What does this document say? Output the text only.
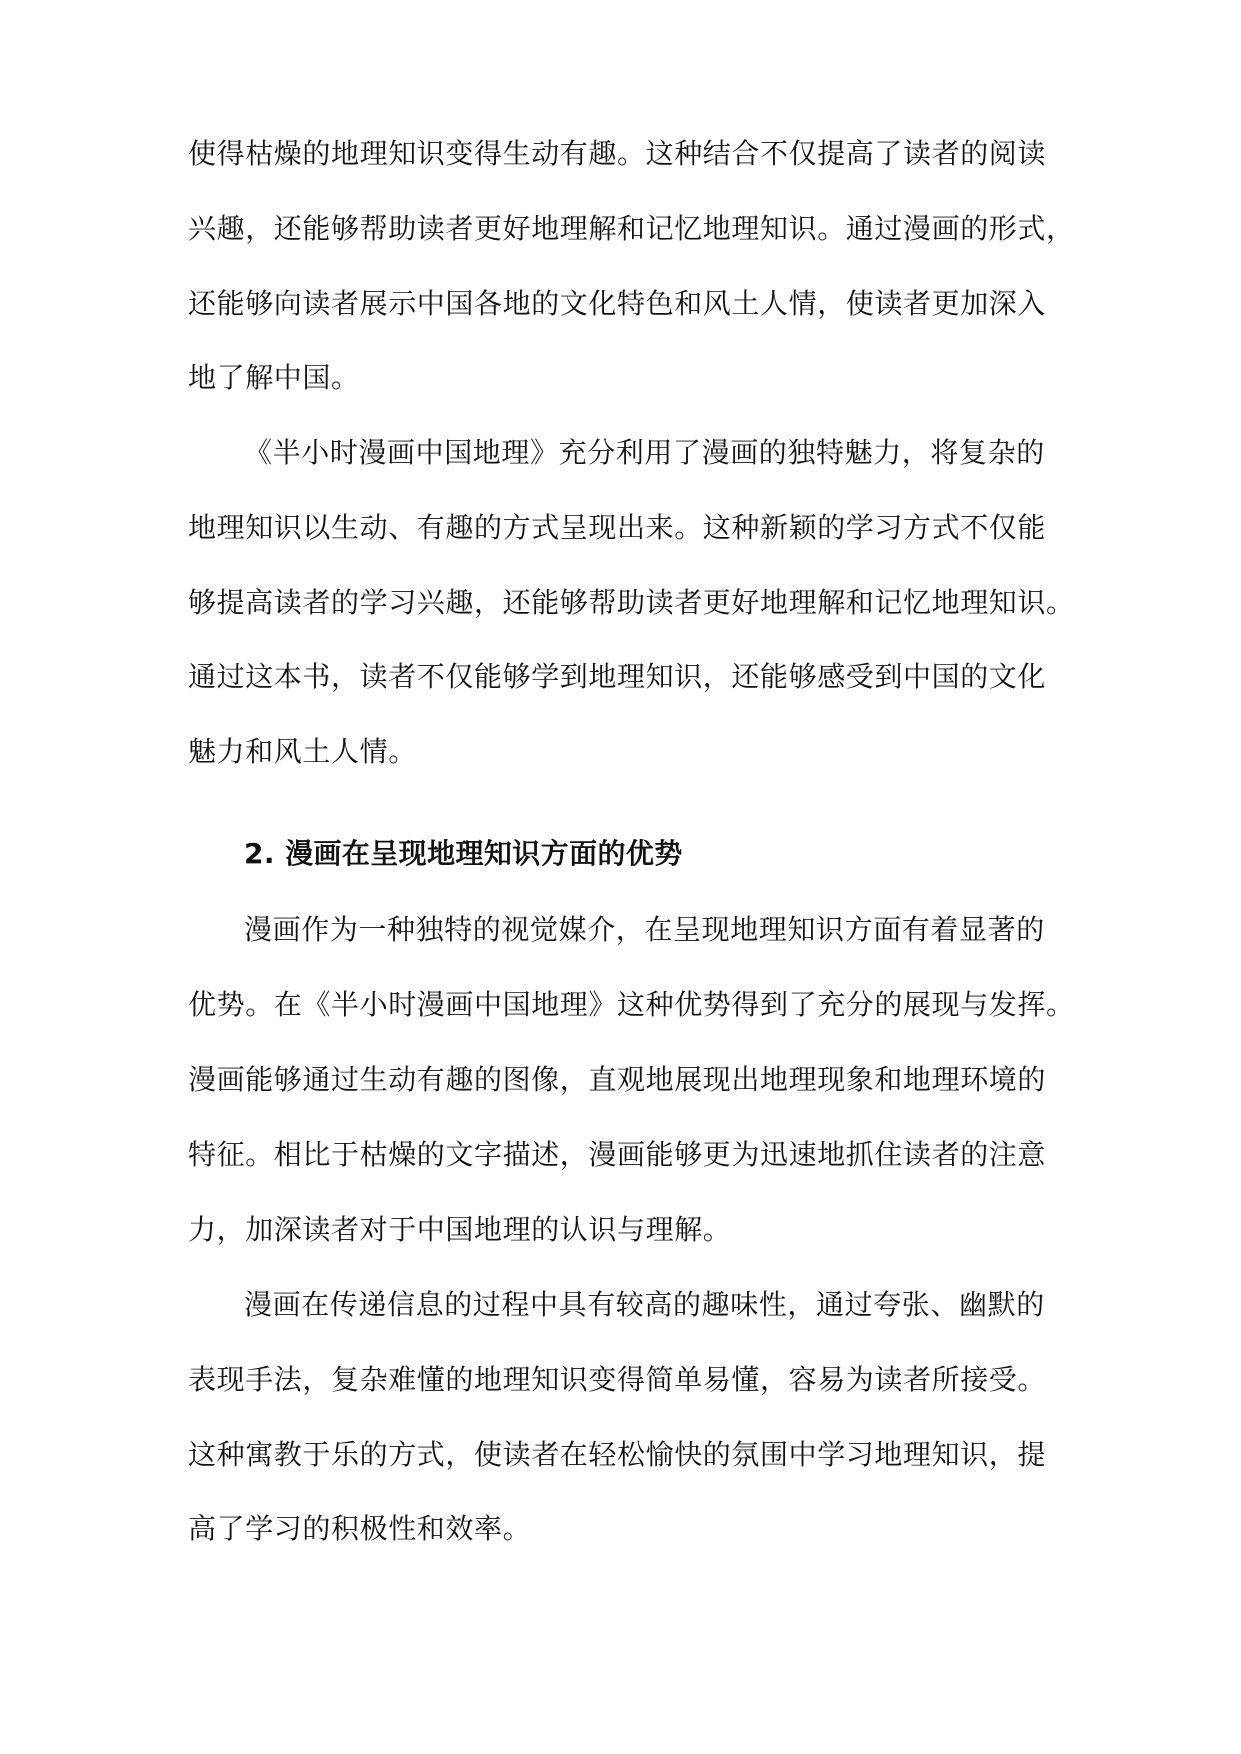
使得枯燥的地理知识变得生动有趣。这种结合不仅提高了读者的阅读
兴趣，还能够帮助读者更好地理解和记忆地理知识。通过漫画的形式，
还能够向读者展示中国各地的文化特色和风土人情，使读者更加深入
地了解中国。
《半小时漫画中国地理》充分利用了漫画的独特魅力，将复杂的
地理知识以生动、有趣的方式呈现出来。这种新颖的学习方式不仅能
够提高读者的学习兴趣，还能够帮助读者更好地理解和记忆地理知识。
通过这本书，读者不仅能够学到地理知识，还能够感受到中国的文化
魅力和风土人情。
2. 漫画在呈现地理知识方面的优势
漫画作为一种独特的视觉媒介，在呈现地理知识方面有着显著的
优势。在《半小时漫画中国地理》这种优势得到了充分的展现与发挥。
漫画能够通过生动有趣的图像，直观地展现出地理现象和地理环境的
特征。相比于枯燥的文字描述，漫画能够更为迅速地抓住读者的注意
力，加深读者对于中国地理的认识与理解。
漫画在传递信息的过程中具有较高的趣味性，通过夸张、幽默的
表现手法，复杂难懂的地理知识变得简单易懂，容易为读者所接受。
这种寓教于乐的方式，使读者在轻松愉快的氛围中学习地理知识，提
高了学习的积极性和效率。
